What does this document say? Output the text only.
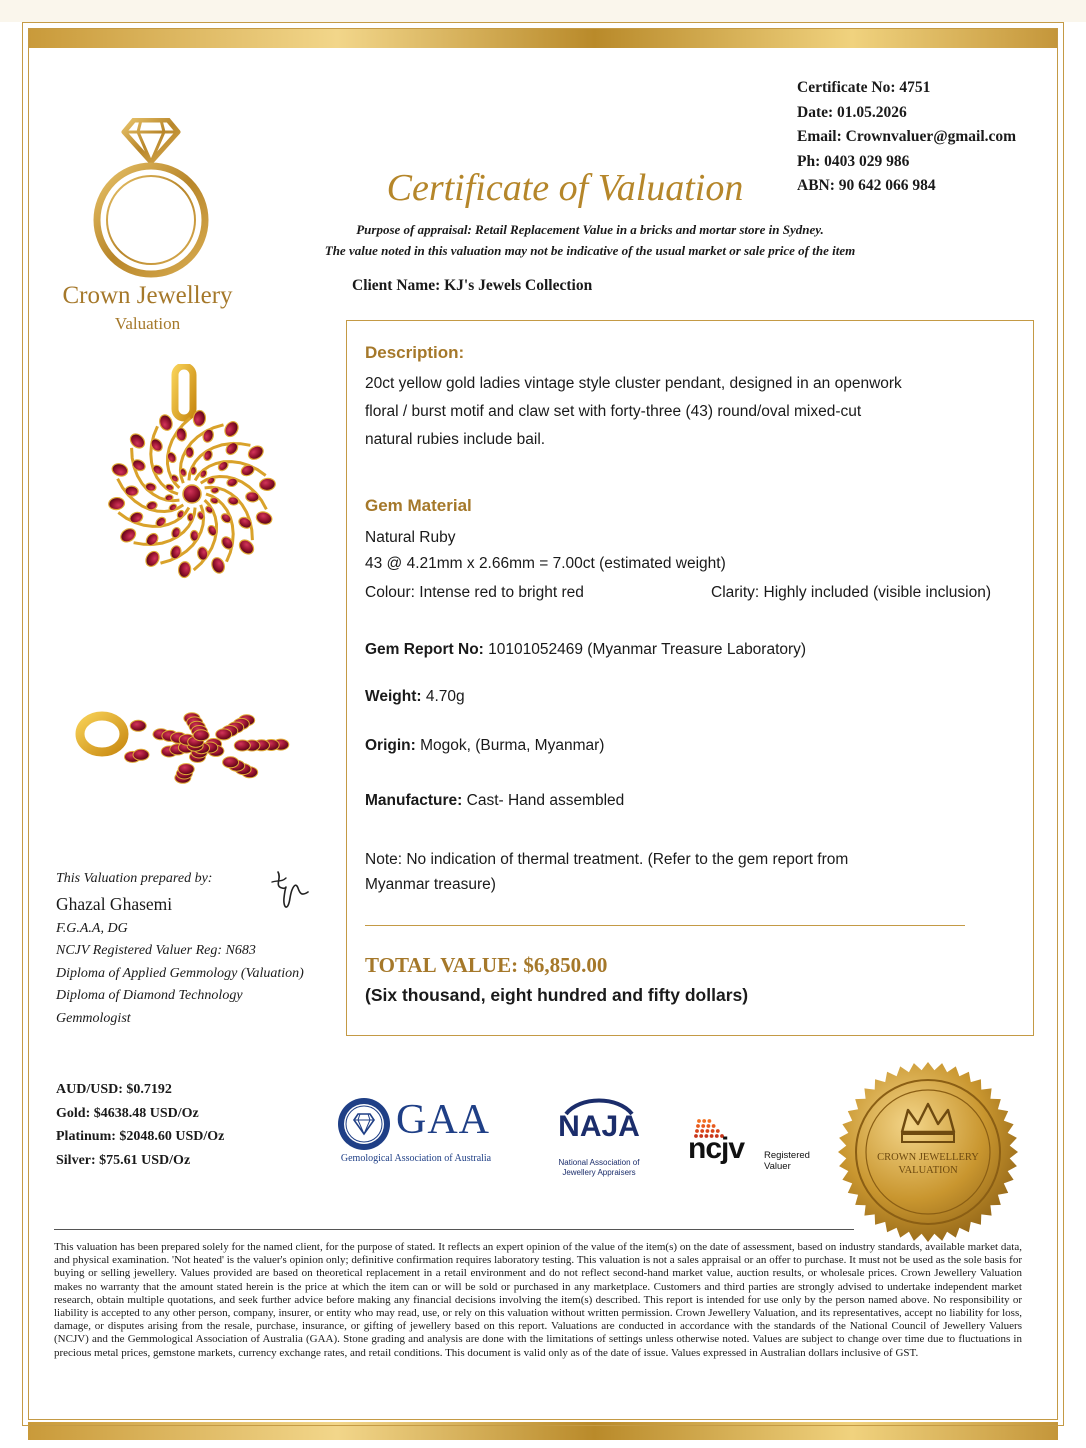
Certificate No: 4751
Date: 01.05.2026
Email: Crownvaluer@gmail.com
Ph: 0403 029 986
ABN: 90 642 066 984
Crown Jewellery
Valuation
Certificate of Valuation
Purpose of appraisal: Retail Replacement Value in a bricks and mortar store in Sydney.
The value noted in this valuation may not be indicative of the usual market or sale price of the item
Client Name: KJ's Jewels Collection
Description:
20ct yellow gold ladies vintage style cluster pendant, designed in an openwork
floral / burst motif and claw set with forty-three (43) round/oval mixed-cut
natural rubies include bail.
Gem Material
Natural Ruby
43 @ 4.21mm x 2.66mm = 7.00ct (estimated weight)
Colour: Intense red to bright red	Clarity: Highly included (visible inclusion)
Gem Report No: 10101052469 (Myanmar Treasure Laboratory)
Weight: 4.70g
Origin: Mogok, (Burma, Myanmar)
Manufacture: Cast- Hand assembled
Note: No indication of thermal treatment. (Refer to the gem report from
Myanmar treasure)
TOTAL VALUE: $6,850.00
(Six thousand, eight hundred and fifty dollars)
This Valuation prepared by:
Ghazal Ghasemi
F.G.A.A, DG
NCJV Registered Valuer Reg: N683
Diploma of Applied Gemmology (Valuation)
Diploma of Diamond Technology
Gemmologist
AUD/USD: $0.7192
Gold: $4638.48 USD/Oz
Platinum: $2048.60 USD/Oz
Silver: $75.61 USD/Oz
GAA
Gemological Association of Australia
NAJA
National Association of
Jewellery Appraisers
ncjv Registered
Valuer
CROWN JEWELLERY
VALUATION
This valuation has been prepared solely for the named client, for the purpose of stated. It reflects an expert opinion of the value of the item(s) on the date of assessment, based on industry standards, available market data, and physical examination. 'Not heated' is the valuer's opinion only; definitive confirmation requires laboratory testing. This valuation is not a sales appraisal or an offer to purchase. It must not be used as the sole basis for buying or selling jewellery. Values provided are based on theoretical replacement in a retail environment and do not reflect second-hand market value, auction results, or wholesale prices. Crown Jewellery Valuation makes no warranty that the amount stated herein is the price at which the item can or will be sold or purchased in any marketplace. Customers and third parties are strongly advised to undertake independent market research, obtain multiple quotations, and seek further advice before making any financial decisions involving the item(s) described. This report is intended for use only by the person named above. No responsibility or liability is accepted to any other person, company, insurer, or entity who may read, use, or rely on this valuation without written permission. Crown Jewellery Valuation, and its representatives, accept no liability for loss, damage, or disputes arising from the resale, purchase, insurance, or gifting of jewellery based on this report. Valuations are conducted in accordance with the standards of the National Council of Jewellery Valuers (NCJV) and the Gemmological Association of Australia (GAA). Stone grading and analysis are done with the limitations of settings unless otherwise noted. Values are subject to change over time due to fluctuations in precious metal prices, gemstone markets, currency exchange rates, and retail conditions. This document is valid only as of the date of issue. Values expressed in Australian dollars inclusive of GST.
